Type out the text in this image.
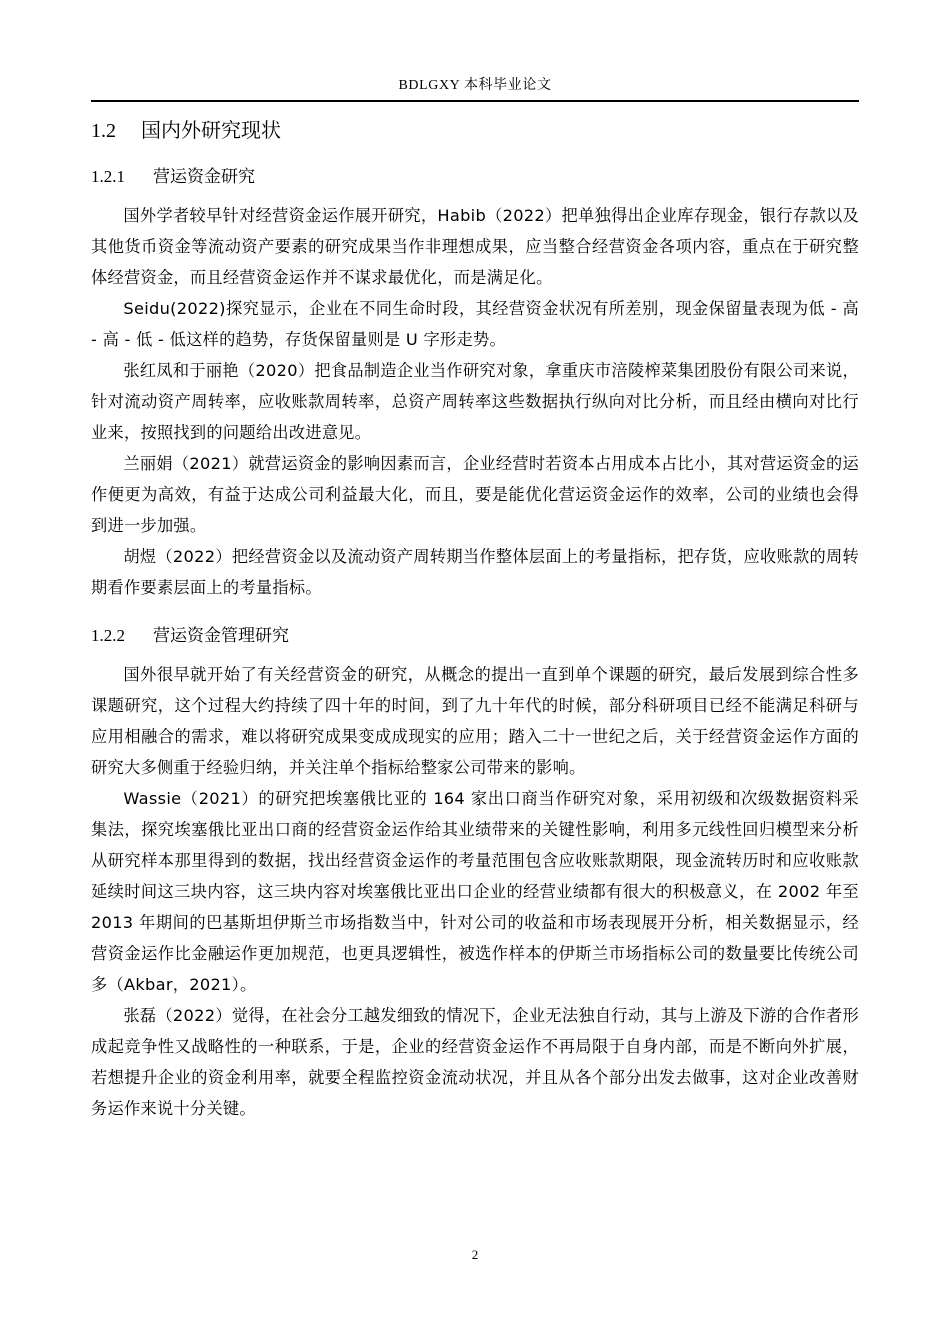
BDLGXY 本科毕业论文
1.2 国内外研究现状
1.2.1 营运资金研究

国外学者较早针对经营资金运作展开研究，Habib（2022）把单独得出企业库存现金，银行存款以及其他货币资金等流动资产要素的研究成果当作非理想成果，应当整合经营资金各项内容，重点在于研究整体经营资金，而且经营资金运作并不谋求最优化，而是满足化。

Seidu(2022)探究显示，企业在不同生命时段，其经营资金状况有所差别，现金保留量表现为低 - 高 - 高 - 低 - 低这样的趋势，存货保留量则是 U 字形走势。

张红凤和于丽艳（2020）把食品制造企业当作研究对象，拿重庆市涪陵榨菜集团股份有限公司来说，针对流动资产周转率，应收账款周转率，总资产周转率这些数据执行纵向对比分析，而且经由横向对比行业来，按照找到的问题给出改进意见。

兰丽娟（2021）就营运资金的影响因素而言，企业经营时若资本占用成本占比小，其对营运资金的运作便更为高效，有益于达成公司利益最大化，而且，要是能优化营运资金运作的效率，公司的业绩也会得到进一步加强。

胡煜（2022）把经营资金以及流动资产周转期当作整体层面上的考量指标，把存货，应收账款的周转期看作要素层面上的考量指标。

1.2.2 营运资金管理研究

国外很早就开始了有关经营资金的研究，从概念的提出一直到单个课题的研究，最后发展到综合性多课题研究，这个过程大约持续了四十年的时间，到了九十年代的时候，部分科研项目已经不能满足科研与应用相融合的需求，难以将研究成果变成成现实的应用；踏入二十一世纪之后，关于经营资金运作方面的研究大多侧重于经验归纳，并关注单个指标给整家公司带来的影响。

Wassie（2021）的研究把埃塞俄比亚的 164 家出口商当作研究对象，采用初级和次级数据资料采集法，探究埃塞俄比亚出口商的经营资金运作给其业绩带来的关键性影响，利用多元线性回归模型来分析从研究样本那里得到的数据，找出经营资金运作的考量范围包含应收账款期限，现金流转历时和应收账款延续时间这三块内容，这三块内容对埃塞俄比亚出口企业的经营业绩都有很大的积极意义，在 2002 年至 2013 年期间的巴基斯坦伊斯兰市场指数当中，针对公司的收益和市场表现展开分析，相关数据显示，经营资金运作比金融运作更加规范，也更具逻辑性，被选作样本的伊斯兰市场指标公司的数量要比传统公司多（Akbar，2021）。

张磊（2022）觉得，在社会分工越发细致的情况下，企业无法独自行动，其与上游及下游的合作者形成起竞争性又战略性的一种联系，于是，企业的经营资金运作不再局限于自身内部，而是不断向外扩展，若想提升企业的资金利用率，就要全程监控资金流动状况，并且从各个部分出发去做事，这对企业改善财务运作来说十分关键。

2
